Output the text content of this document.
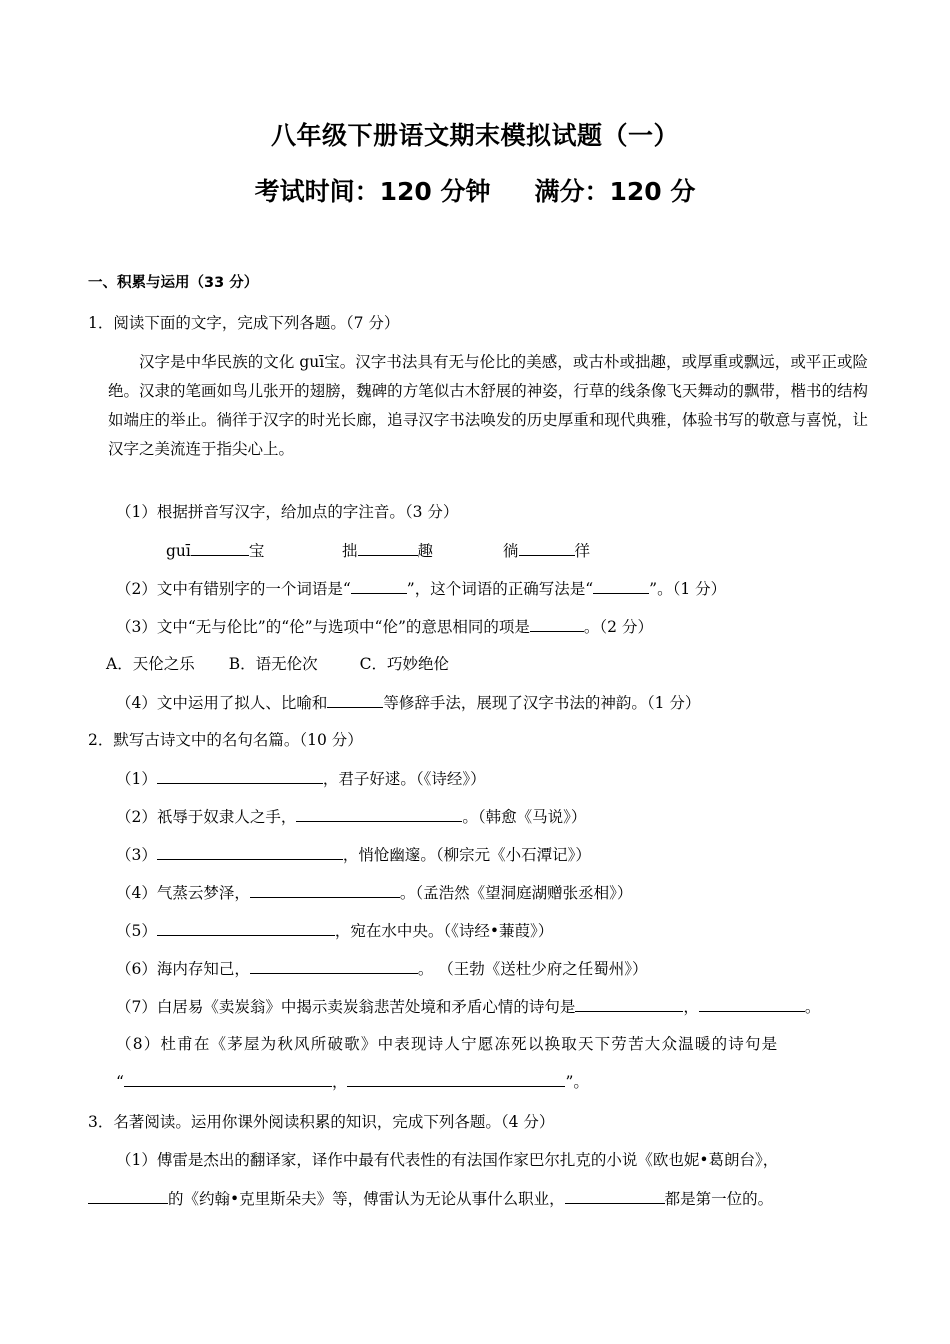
八年级下册语文期末模拟试题（一）
考试时间：120 分钟 满分：120 分
一、积累与运用（33 分）
1．阅读下面的文字，完成下列各题。（7 分）
汉字是中华民族的文化 guī宝。汉字书法具有无与伦比的美感，或古朴或拙趣，或厚重或飘远，或平正或险绝。汉隶的笔画如鸟儿张开的翅膀，魏碑的方笔似古木舒展的神姿，行草的线条像飞天舞动的飘带，楷书的结构如端庄的举止。徜徉于汉字的时光长廊，追寻汉字书法唤发的历史厚重和现代典雅，体验书写的敬意与喜悦，让汉字之美流连于指尖心上。
（1）根据拼音写汉字，给加点的字注音。（3 分）
guī	宝	拙	趣	徜	徉
（2）文中有错别字的一个词语是“	”，这个词语的正确写法是“	”。（1 分）
（3）文中“无与伦比”的“伦”与选项中“伦”的意思相同的项是	。（2 分）
A．天伦之乐 B．语无伦次	C．巧妙绝伦
（4）文中运用了拟人、比喻和	等修辞手法，展现了汉字书法的神韵。（1 分）
2．默写古诗文中的名句名篇。（10 分）
（1）	，君子好逑。（《诗经》）
（2）祇辱于奴隶人之手，	。（韩愈《马说》）
（3）	，悄怆幽邃。（柳宗元《小石潭记》）
（4）气蒸云梦泽，	。（孟浩然《望洞庭湖赠张丞相》）
（5）	，宛在水中央。（《诗经•蒹葭》）
（6）海内存知己，	。 （王勃《送杜少府之任蜀州》）
（7）白居易《卖炭翁》中揭示卖炭翁悲苦处境和矛盾心情的诗句是	，	。
（8）杜甫在《茅屋为秋风所破歌》中表现诗人宁愿冻死以换取天下劳苦大众温暖的诗句是
“	，	”。
3．名著阅读。运用你课外阅读积累的知识，完成下列各题。（4 分）
（1）傅雷是杰出的翻译家，译作中最有代表性的有法国作家巴尔扎克的小说《欧也妮•葛朗台》，
的《约翰•克里斯朵夫》等，傅雷认为无论从事什么职业，	都是第一位的。
